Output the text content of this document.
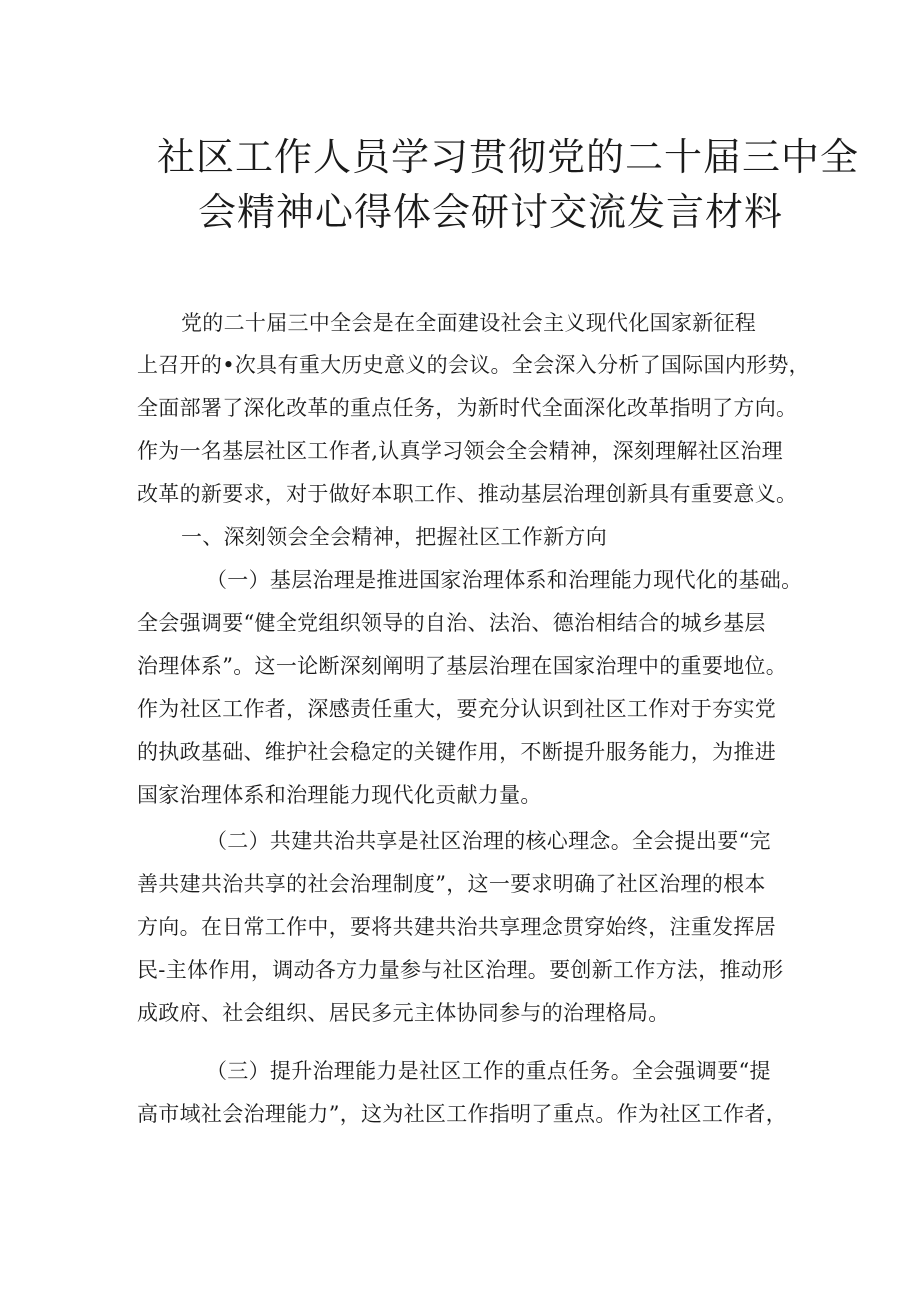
社区工作人员学习贯彻党的二十届三中全
会精神心得体会研讨交流发言材料
党的二十届三中全会是在全面建设社会主义现代化国家新征程
上召开的•次具有重大历史意义的会议。全会深入分析了国际国内形势，
全面部署了深化改革的重点任务，为新时代全面深化改革指明了方向。
作为一名基层社区工作者,认真学习领会全会精神，深刻理解社区治理
改革的新要求，对于做好本职工作、推动基层治理创新具有重要意义。
一、深刻领会全会精神，把握社区工作新方向
（一）基层治理是推进国家治理体系和治理能力现代化的基础。
全会强调要“健全党组织领导的自治、法治、德治相结合的城乡基层
治理体系”。这一论断深刻阐明了基层治理在国家治理中的重要地位。
作为社区工作者，深感责任重大，要充分认识到社区工作对于夯实党
的执政基础、维护社会稳定的关键作用，不断提升服务能力，为推进
国家治理体系和治理能力现代化贡献力量。
（二）共建共治共享是社区治理的核心理念。全会提出要“完
善共建共治共享的社会治理制度”，这一要求明确了社区治理的根本
方向。在日常工作中，要将共建共治共享理念贯穿始终，注重发挥居
民-主体作用，调动各方力量参与社区治理。要创新工作方法，推动形
成政府、社会组织、居民多元主体协同参与的治理格局。
（三）提升治理能力是社区工作的重点任务。全会强调要“提
高市域社会治理能力”，这为社区工作指明了重点。作为社区工作者，
